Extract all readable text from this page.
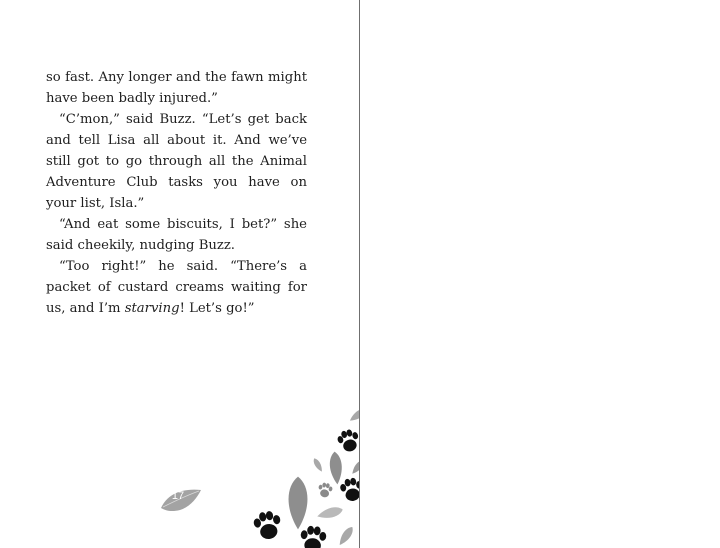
so fast. Any longer and the fawn might have been badly injured.”

“C’mon,” said Buzz. “Let’s get back and tell Lisa all about it. And we’ve still got to go through all the Animal Adventure Club tasks you have on your list, Isla.”

“And eat some biscuits, I bet?” she said cheekily, nudging Buzz.

“Too right!” he said. “There’s a packet of custard creams waiting for us, and I’m starving! Let’s go!”

17
